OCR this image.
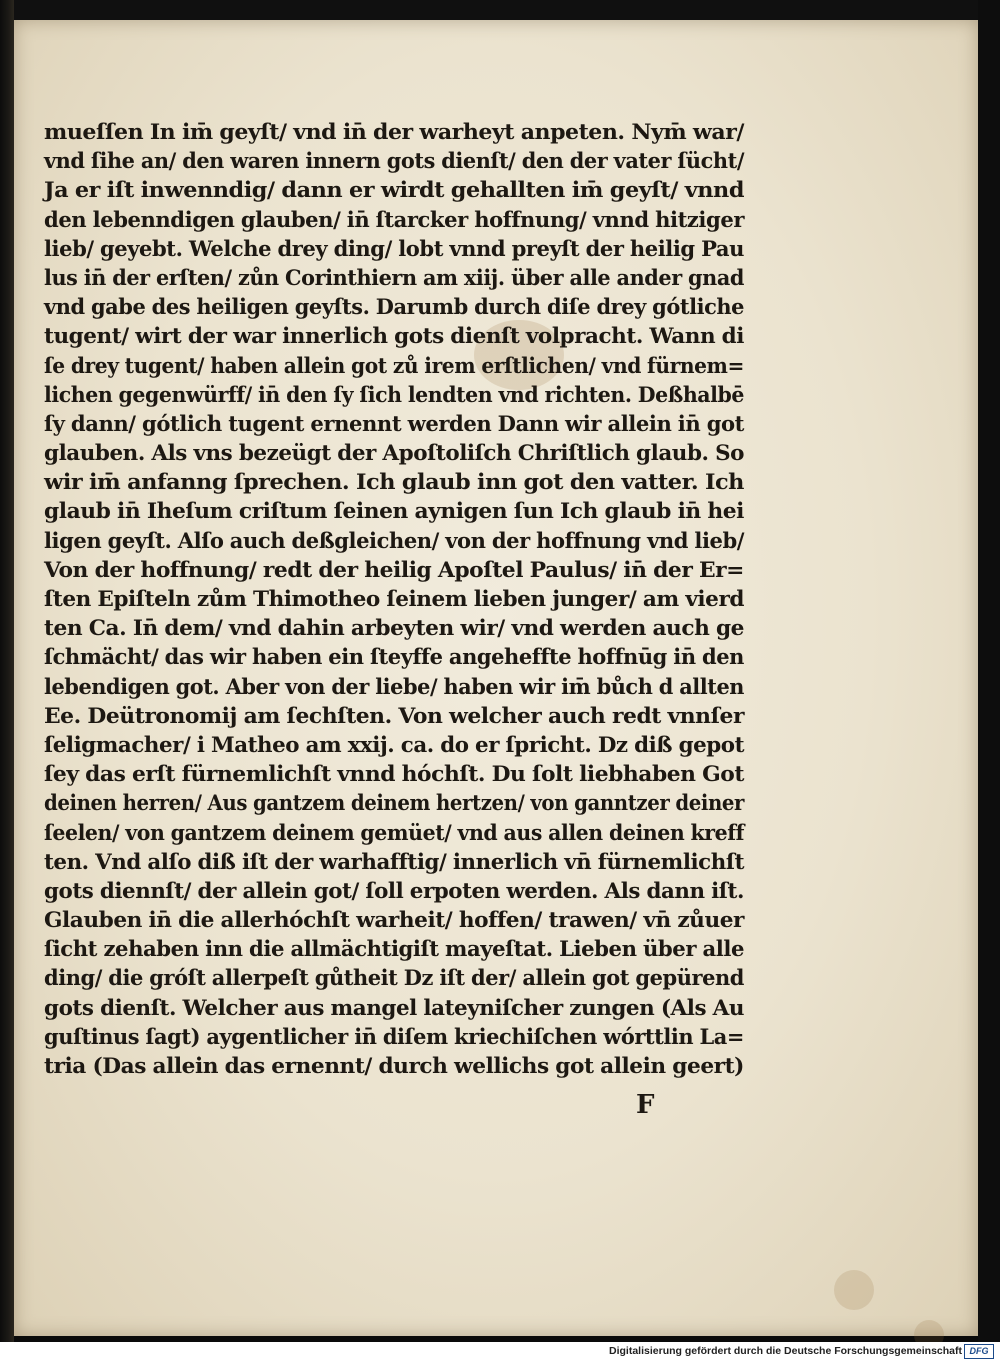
mueſſen In im̄ geyſt/ vnd in̄ der warheyt anpeten. Nym̄ war/
vnd ſihe an/ den waren innern gots dienſt/ den der vater ſücht/
Ja er iſt inwenndig/ dann er wirdt gehallten im̄ geyſt/ vnnd
den lebenndigen glauben/ in̄ ſtarcker hoffnung/ vnnd hitziger
lieb/ geyebt. Welche drey ding/ lobt vnnd preyſt der heilig Pau
lus in̄ der erſten/ zůn Corinthiern am xiij. über alle ander gnad
vnd gabe des heiligen geyſts. Darumb durch diſe drey gótliche
tugent/ wirt der war innerlich gots dienſt volpracht. Wann di
ſe drey tugent/ haben allein got zů irem erſtlichen/ vnd fürnem=
lichen gegenwürff/ in̄ den ſy ſich lendten vnd richten. Deßhalbē
ſy dann/ gótlich tugent ernennt werden Dann wir allein in̄ got
glauben. Als vns bezeügt der Apoſtoliſch Chriſtlich glaub. So
wir im̄ anfanng ſprechen. Ich glaub inn got den vatter. Ich
glaub in̄ Iheſum criſtum ſeinen aynigen ſun Ich glaub in̄ hei
ligen geyſt. Alſo auch deßgleichen/ von der hoffnung vnd lieb/
Von der hoffnung/ redt der heilig Apoſtel Paulus/ in̄ der Er=
ſten Epiſteln zům Thimotheo ſeinem lieben junger/ am vierd
ten Ca. In̄ dem/ vnd dahin arbeyten wir/ vnd werden auch ge
ſchmächt/ das wir haben ein ſteyffe angeheffte hoffnūg in̄ den
lebendigen got. Aber von der liebe/ haben wir im̄ bůch d allten
Ee. Deütronomij am ſechſten. Von welcher auch redt vnnſer
ſeligmacher/ i Matheo am xxij. ca. do er ſpricht. Dz diß gepot
ſey das erſt fürnemlichſt vnnd hóchſt. Du ſolt liebhaben Got
deinen herren/ Aus gantzem deinem hertzen/ von ganntzer deiner
ſeelen/ von gantzem deinem gemüet/ vnd aus allen deinen kreff
ten. Vnd alſo diß iſt der warhafftig/ innerlich vn̄ fürnemlichſt
gots diennſt/ der allein got/ ſoll erpoten werden. Als dann iſt.
Glauben in̄ die allerhóchſt warheit/ hoffen/ trawen/ vn̄ zůuer
ſicht zehaben inn die allmächtigiſt mayeſtat. Lieben über alle
ding/ die gróſt allerpeſt gůtheit Dz iſt der/ allein got gepürend
gots dienſt. Welcher aus mangel lateyniſcher zungen (Als Au
guſtinus ſagt) aygentlicher in̄ diſem kriechiſchen wórttlin La=
tria (Das allein das ernennt/ durch wellichs got allein geert)
F
Digitalisierung gefördert durch die Deutsche Forschungsgemeinschaft DFG
